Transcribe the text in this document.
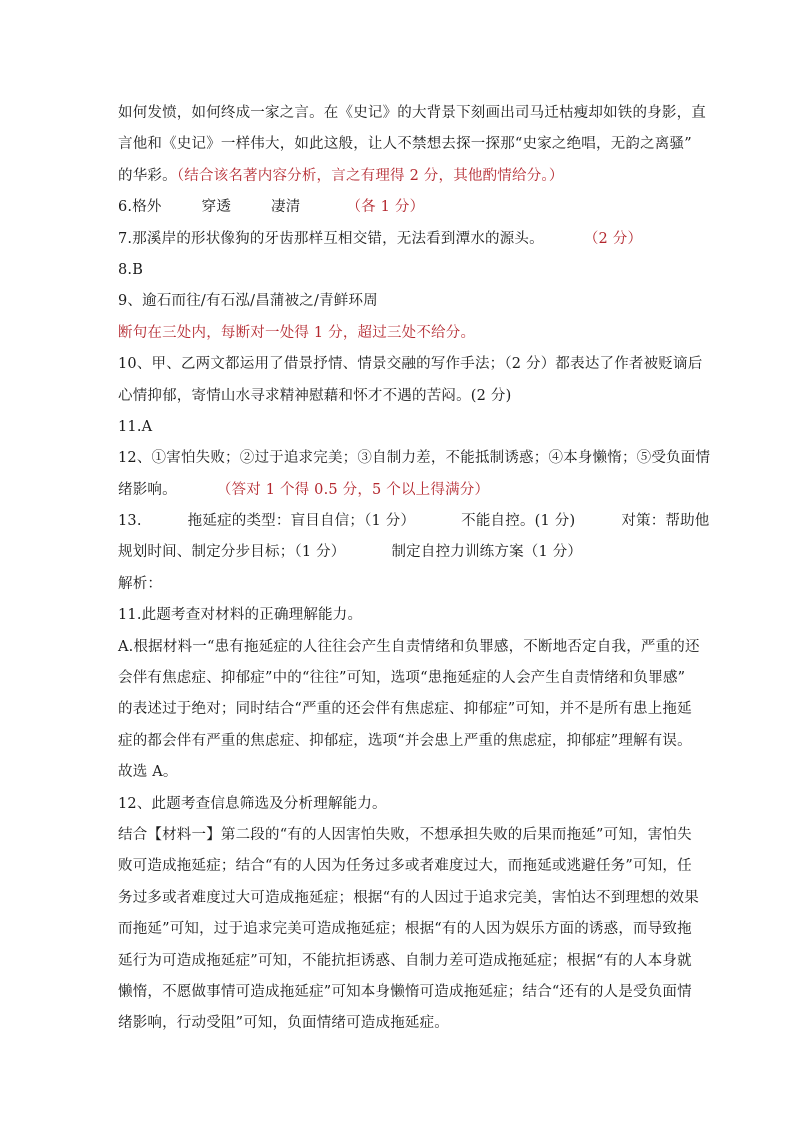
如何发愤，如何终成一家之言。在《史记》的大背景下刻画出司马迁枯瘦却如铁的身影，直
言他和《史记》一样伟大，如此这般，让人不禁想去探一探那“史家之绝唱，无韵之离骚”
的华彩。（结合该名著内容分析，言之有理得 2 分，其他酌情给分。）
6.格外	穿透	凄清	（各 1 分）
7.那溪岸的形状像狗的牙齿那样互相交错，无法看到潭水的源头。	（2 分）
8.B
9、逾石而往/有石泓/昌蒲被之/青鲜环周
断句在三处内，每断对一处得 1 分，超过三处不给分。
10、甲、乙两文都运用了借景抒情、情景交融的写作手法；（2 分）都表达了作者被贬谪后
心情抑郁，寄情山水寻求精神慰藉和怀才不遇的苦闷。(2 分)
11.A
12、①害怕失败；②过于追求完美；③自制力差，不能抵制诱惑；④本身懒惰；⑤受负面情
绪影响。	（答对 1 个得 0.5 分，5 个以上得满分）
13.	拖延症的类型：盲目自信；（1 分）	不能自控。(1 分)	对策：帮助他
规划时间、制定分步目标；（1 分）	制定自控力训练方案（1 分）
解析：
11.此题考查对材料的正确理解能力。
A.根据材料一“患有拖延症的人往往会产生自责情绪和负罪感，不断地否定自我，严重的还
会伴有焦虑症、抑郁症”中的“往往”可知，选项“患拖延症的人会产生自责情绪和负罪感”
的表述过于绝对；同时结合“严重的还会伴有焦虑症、抑郁症”可知，并不是所有患上拖延
症的都会伴有严重的焦虑症、抑郁症，选项“并会患上严重的焦虑症，抑郁症”理解有误。
故选 A。
12、此题考查信息筛选及分析理解能力。
结合【材料一】第二段的“有的人因害怕失败，不想承担失败的后果而拖延”可知，害怕失
败可造成拖延症；结合“有的人因为任务过多或者难度过大，而拖延或逃避任务”可知，任
务过多或者难度过大可造成拖延症；根据“有的人因过于追求完美，害怕达不到理想的效果
而拖延”可知，过于追求完美可造成拖延症；根据“有的人因为娱乐方面的诱惑，而导致拖
延行为可造成拖延症”可知，不能抗拒诱惑、自制力差可造成拖延症；根据“有的人本身就
懒惰，不愿做事情可造成拖延症”可知本身懒惰可造成拖延症；结合“还有的人是受负面情
绪影响，行动受阻”可知，负面情绪可造成拖延症。
